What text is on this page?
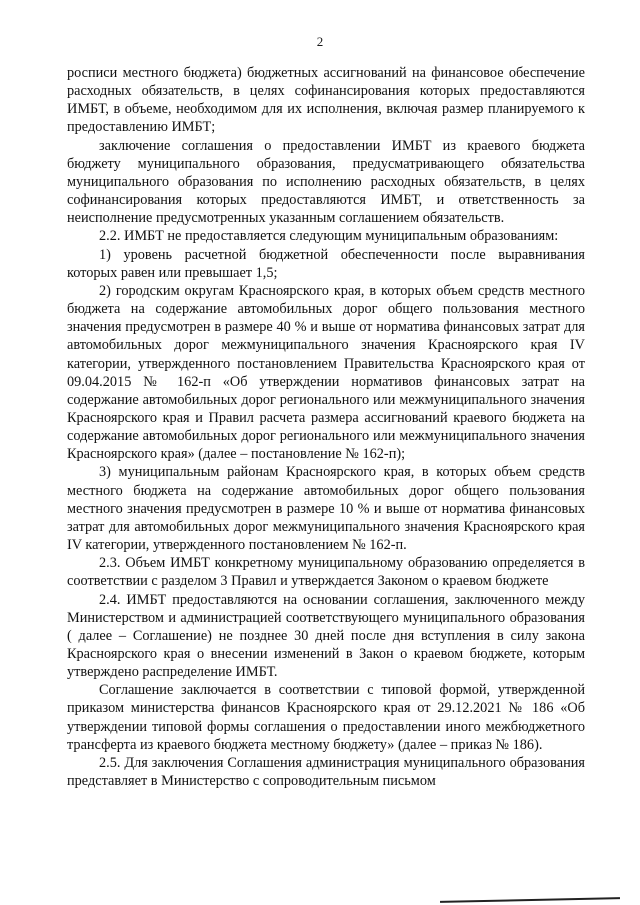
2

росписи местного бюджета) бюджетных ассигнований на финансовое обеспечение расходных обязательств, в целях софинансирования которых предоставляются ИМБТ, в объеме, необходимом для их исполнения, включая размер планируемого к предоставлению ИМБТ;

заключение соглашения о предоставлении ИМБТ из краевого бюджета бюджету муниципального образования, предусматривающего обязательства муниципального образования по исполнению расходных обязательств, в целях софинансирования которых предоставляются ИМБТ, и ответственность за неисполнение предусмотренных указанным соглашением обязательств.

2.2. ИМБТ не предоставляется следующим муниципальным образованиям:

1) уровень расчетной бюджетной обеспеченности после выравнивания которых равен или превышает 1,5;

2) городским округам Красноярского края, в которых объем средств местного бюджета на содержание автомобильных дорог общего пользования местного значения предусмотрен в размере 40 % и выше от норматива финансовых затрат для автомобильных дорог межмуниципального значения Красноярского края IV категории, утвержденного постановлением Правительства Красноярского края от 09.04.2015 № 162-п «Об утверждении нормативов финансовых затрат на содержание автомобильных дорог регионального или межмуниципального значения Красноярского края и Правил расчета размера ассигнований краевого бюджета на содержание автомобильных дорог регионального или межмуниципального значения Красноярского края» (далее – постановление № 162-п);

3) муниципальным районам Красноярского края, в которых объем средств местного бюджета на содержание автомобильных дорог общего пользования местного значения предусмотрен в размере 10 % и выше от норматива финансовых затрат для автомобильных дорог межмуниципального значения Красноярского края IV категории, утвержденного постановлением № 162-п.

2.3. Объем ИМБТ конкретному муниципальному образованию определяется в соответствии с разделом 3 Правил и утверждается Законом о краевом бюджете

2.4. ИМБТ предоставляются на основании соглашения, заключенного между Министерством и администрацией соответствующего муниципального образования ( далее – Соглашение) не позднее 30 дней после дня вступления в силу закона Красноярского края о внесении изменений в Закон о краевом бюджете, которым утверждено распределение ИМБТ.

Соглашение заключается в соответствии с типовой формой, утвержденной приказом министерства финансов Красноярского края от 29.12.2021 № 186 «Об утверждении типовой формы соглашения о предоставлении иного межбюджетного трансферта из краевого бюджета местному бюджету» (далее – приказ № 186).

2.5. Для заключения Соглашения администрация муниципального образования представляет в Министерство с сопроводительным письмом
